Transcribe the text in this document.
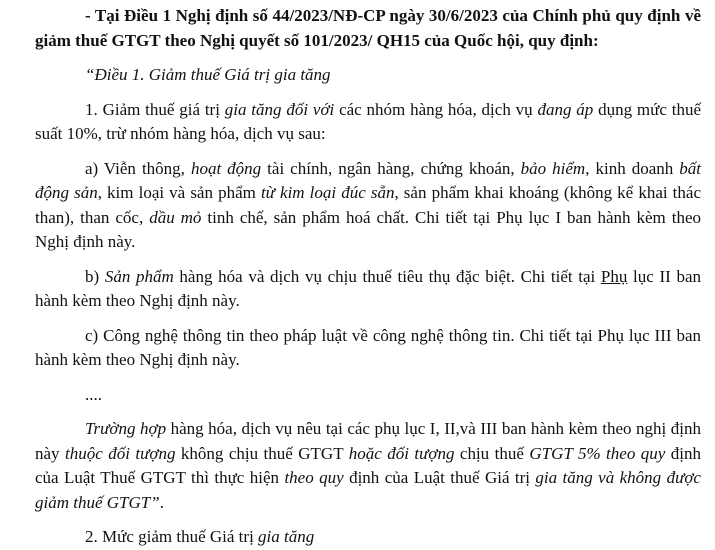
- Tại Điều 1 Nghị định số 44/2023/NĐ-CP ngày 30/6/2023 của Chính phủ quy định về giảm thuế GTGT theo Nghị quyết số 101/2023/ QH15 của Quốc hội, quy định:

“Điều 1. Giảm thuế Giá trị gia tăng

1. Giảm thuế giá trị gia tăng đối với các nhóm hàng hóa, dịch vụ đang áp dụng mức thuế suất 10%, trừ nhóm hàng hóa, dịch vụ sau:

a) Viễn thông, hoạt động tài chính, ngân hàng, chứng khoán, bảo hiểm, kinh doanh bất động sản, kim loại và sản phẩm từ kim loại đúc sẵn, sản phẩm khai khoáng (không kể khai thác than), than cốc, dầu mỏ tinh chế, sản phẩm hoá chất. Chi tiết tại Phụ lục I ban hành kèm theo Nghị định này.

b) Sản phẩm hàng hóa và dịch vụ chịu thuế tiêu thụ đặc biệt. Chi tiết tại Phụ lục II ban hành kèm theo Nghị định này.

c) Công nghệ thông tin theo pháp luật về công nghệ thông tin. Chi tiết tại Phụ lục III ban hành kèm theo Nghị định này.

....

Trường hợp hàng hóa, dịch vụ nêu tại các phụ lục I, II,và III ban hành kèm theo nghị định này thuộc đối tượng không chịu thuế GTGT hoặc đối tượng chịu thuế GTGT 5% theo quy định của Luật Thuế GTGT thì thực hiện theo quy định của Luật thuế Giá trị gia tăng và không được giảm thuế GTGT”.

2. Mức giảm thuế Giá trị gia tăng
